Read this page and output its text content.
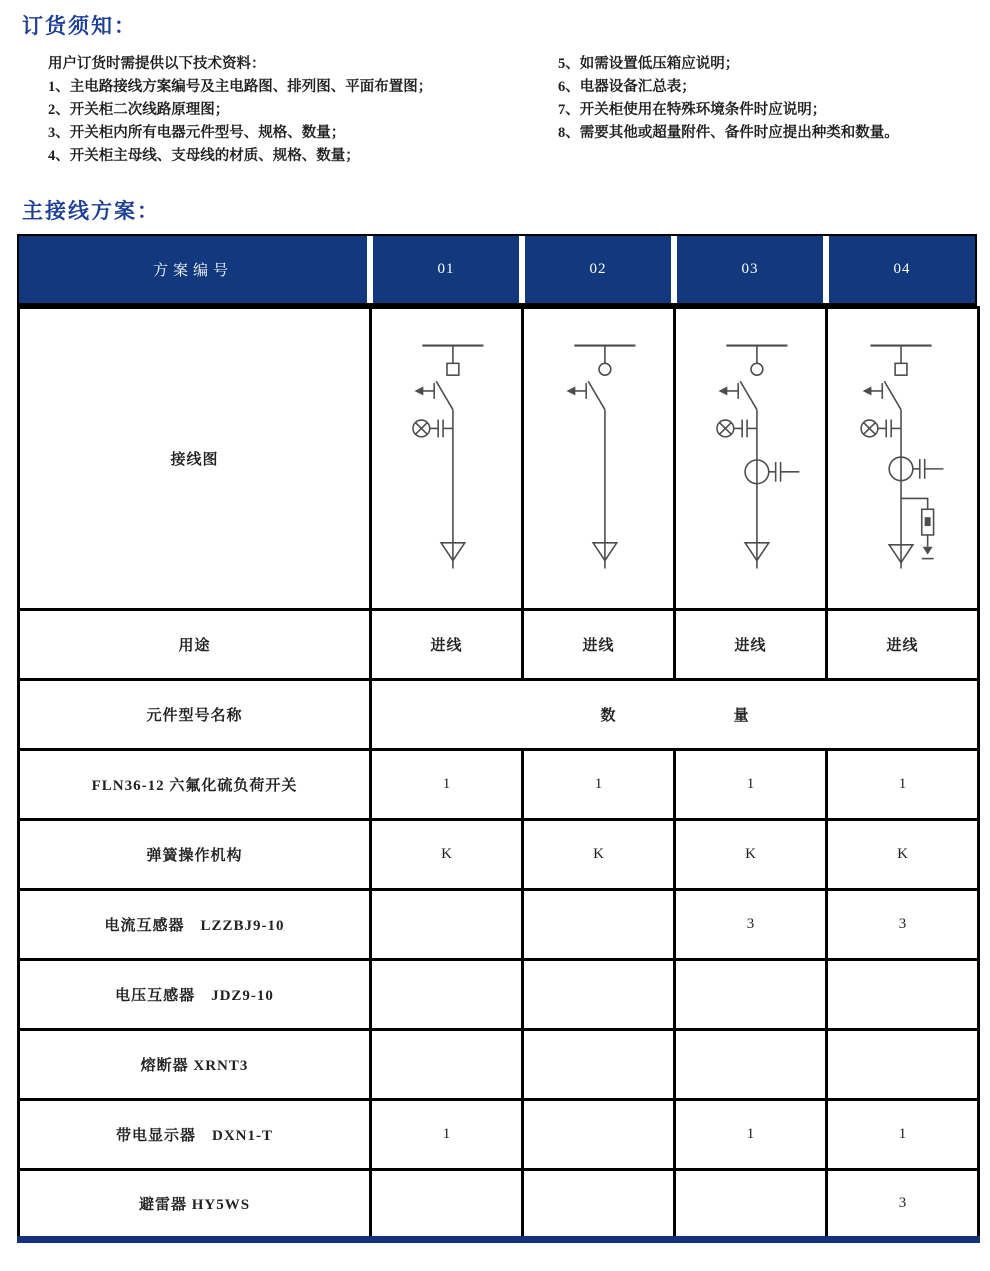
订货须知：
用户订货时需提供以下技术资料：
1、主电路接线方案编号及主电路图、排列图、平面布置图；
2、开关柜二次线路原理图；
3、开关柜内所有电器元件型号、规格、数量；
4、开关柜主母线、支母线的材质、规格、数量；
5、如需设置低压箱应说明；
6、电器设备汇总表；
7、开关柜使用在特殊环境条件时应说明；
8、需要其他或超量附件、备件时应提出种类和数量。
主接线方案：
方案编号	01	02	03	04
接线图	

用途	进线	进线	进线	进线
元件型号名称	数 量			

FLN36-12 六氟化硫负荷开关	1	1	1	1
弹簧操作机构	K	K	K	K
电流互感器　LZZBJ9-10			3	3
电压互感器　JDZ9-10				
熔断器 XRNT3				
带电显示器　DXN1-T	1		1	1
避雷器 HY5WS				3
